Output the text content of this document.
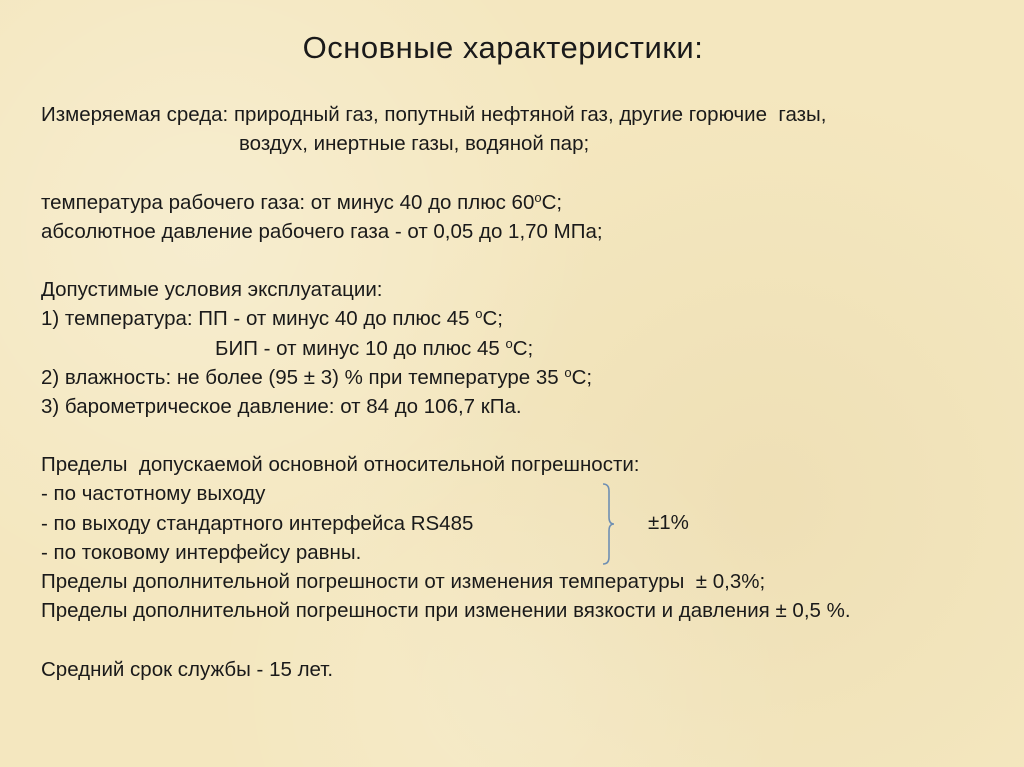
Основные характеристики:
Измеряемая среда: природный газ, попутный нефтяной газ, другие горючие  газы,
воздух, инертные газы, водяной пар;
температура рабочего газа: от минус 40 до плюс $60^оС$;
абсолютное давление рабочего газа - от 0,05 до 1,70 МПа;
Допустимые условия эксплуатации:
1) температура: ПП - от минус 40 до плюс 45 $^о$С;
БИП - от минус 10 до плюс 45 $^о$С;
2) влажность: не более (95 ± 3) % при температуре 35 $^о$С;
3) барометрическое давление: от 84 до 106,7 кПа.
Пределы  допускаемой основной относительной погрешности:
- по частотному выходу
- по выходу стандартного интерфейса RS485
- по токовому интерфейсу равны.
±1%
Пределы дополнительной погрешности от изменения температуры  ± 0,3%;
Пределы дополнительной погрешности при изменении вязкости и давления ± 0,5 %.
Средний срок службы - 15 лет.
